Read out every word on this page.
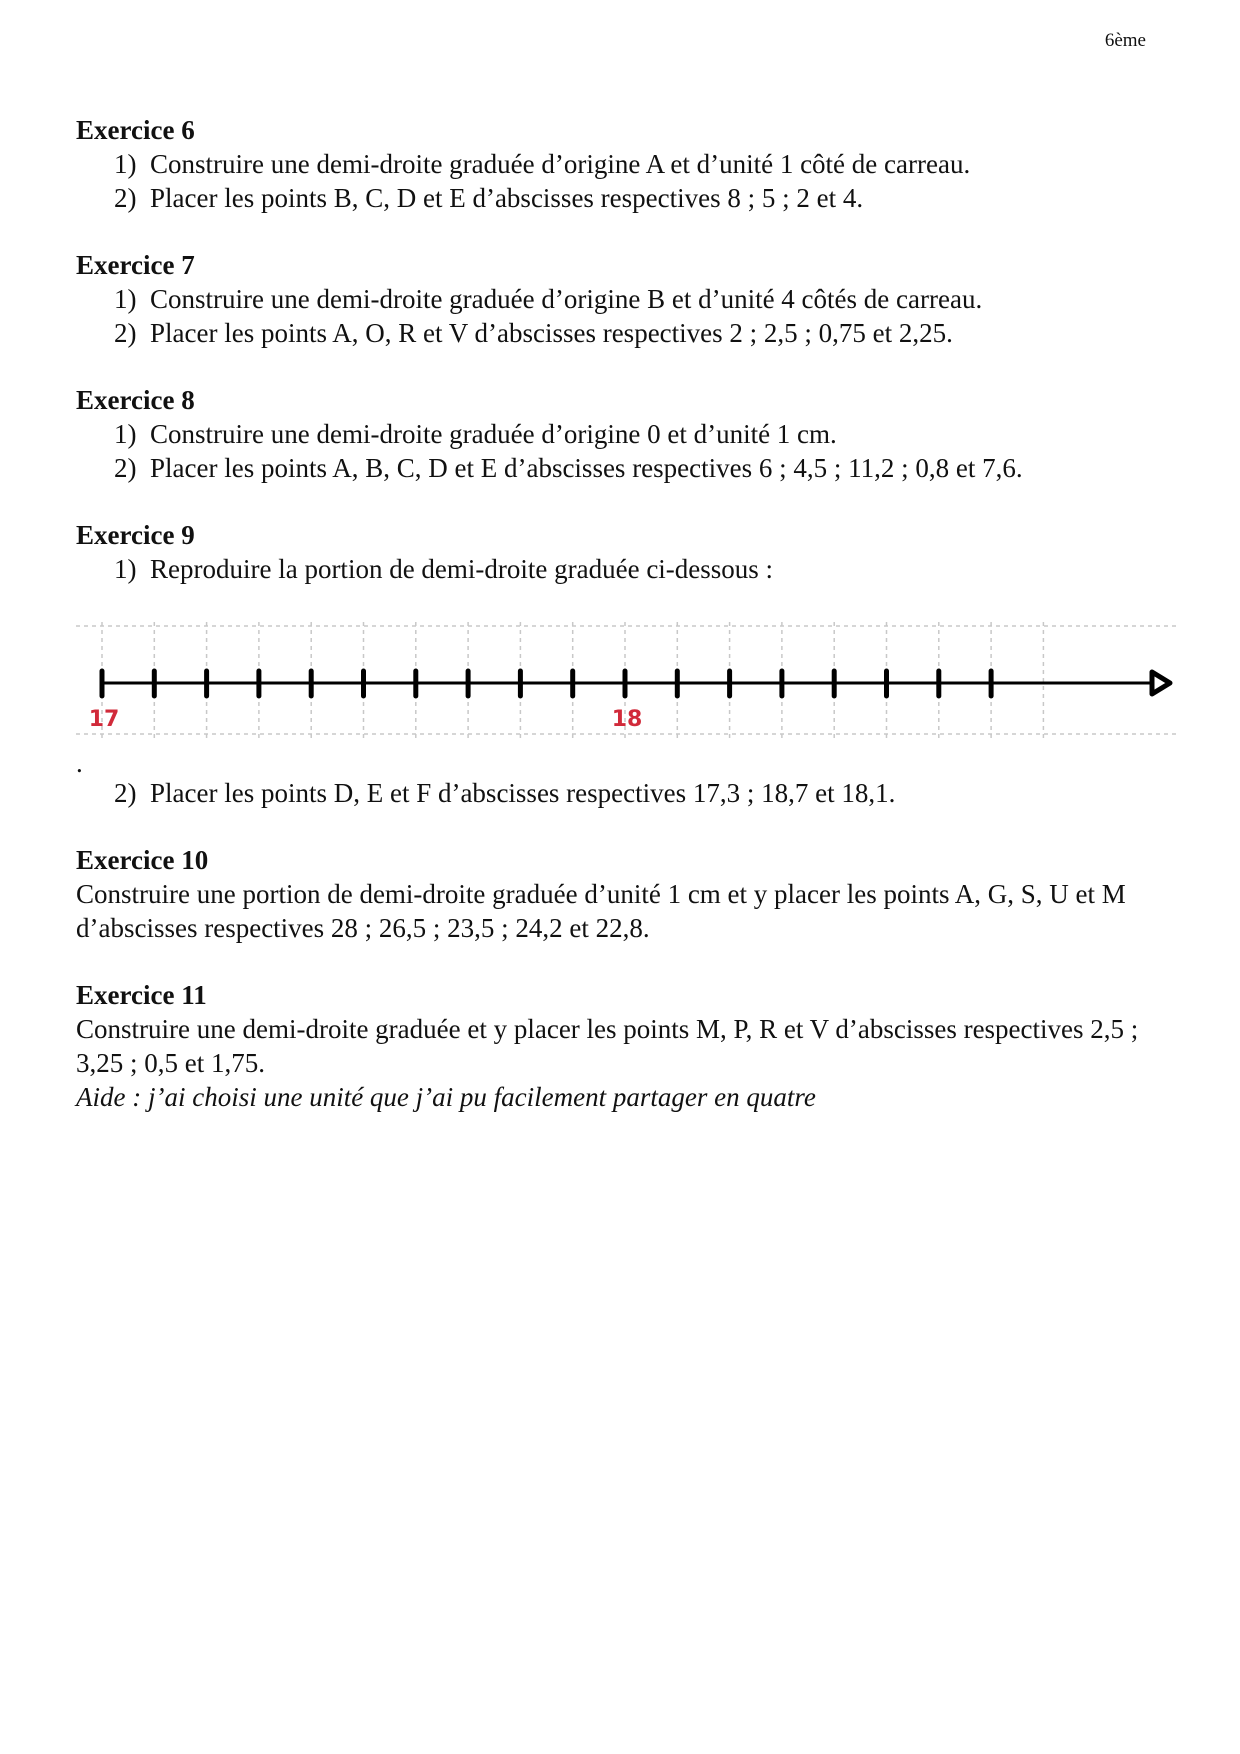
6ème
Exercice 6
1) Construire une demi-droite graduée d’origine A et d’unité 1 côté de carreau.
2) Placer les points B, C, D et E d’abscisses respectives 8 ; 5 ; 2 et 4.
Exercice 7
1) Construire une demi-droite graduée d’origine B et d’unité 4 côtés de carreau.
2) Placer les points A, O, R et V d’abscisses respectives 2 ; 2,5 ; 0,75 et 2,25.
Exercice 8
1) Construire une demi-droite graduée d’origine 0 et d’unité 1 cm.
2) Placer les points A, B, C, D et E d’abscisses respectives 6 ; 4,5 ; 11,2 ; 0,8 et 7,6.
Exercice 9
1) Reproduire la portion de demi-droite graduée ci-dessous :
17	18
.
2) Placer les points D, E et F d’abscisses respectives 17,3 ; 18,7 et 18,1.
Exercice 10
Construire une portion de demi-droite graduée d’unité 1 cm et y placer les points A, G, S, U et M d’abscisses respectives 28 ; 26,5 ; 23,5 ; 24,2 et 22,8.
Exercice 11
Construire une demi-droite graduée et y placer les points M, P, R et V d’abscisses respectives 2,5 ; 3,25 ; 0,5 et 1,75.
Aide : j’ai choisi une unité que j’ai pu facilement partager en quatre
